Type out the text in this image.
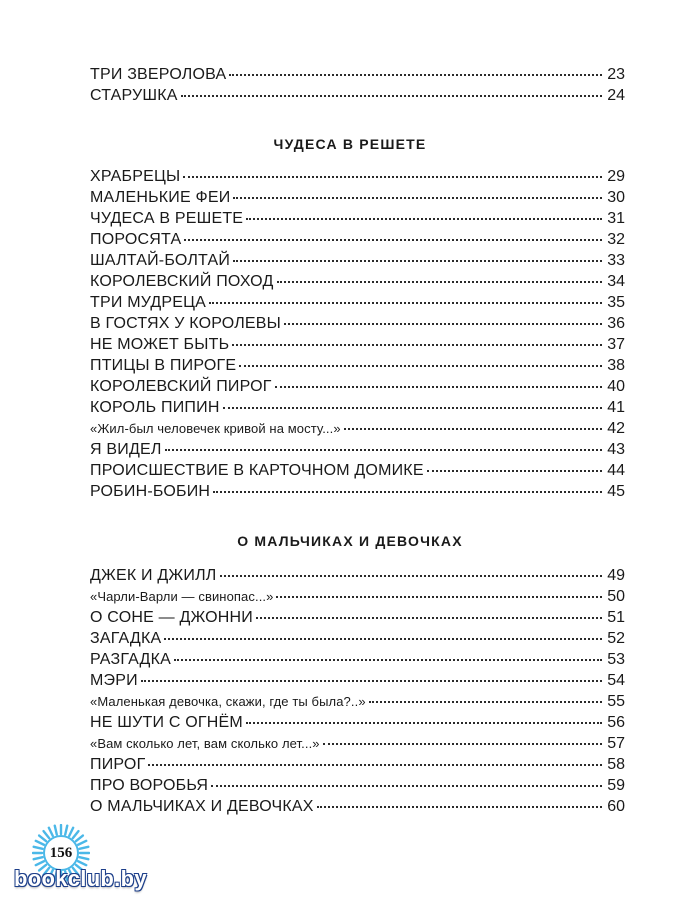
ТРИ ЗВЕРОЛОВА	23
СТАРУШКА	24
ЧУДЕСА В РЕШЕТЕ
ХРАБРЕЦЫ	29
МАЛЕНЬКИЕ ФЕИ	30
ЧУДЕСА В РЕШЕТЕ	31
ПОРОСЯТА	32
ШАЛТАЙ-БОЛТАЙ	33
КОРОЛЕВСКИЙ ПОХОД	34
ТРИ МУДРЕЦА	35
В ГОСТЯХ У КОРОЛЕВЫ	36
НЕ МОЖЕТ БЫТЬ	37
ПТИЦЫ В ПИРОГЕ	38
КОРОЛЕВСКИЙ ПИРОГ	40
КОРОЛЬ ПИПИН	41
«Жил-был человечек кривой на мосту...»	42
Я ВИДЕЛ	43
ПРОИСШЕСТВИЕ В КАРТОЧНОМ ДОМИКЕ	44
РОБИН-БОБИН	45
О МАЛЬЧИКАХ И ДЕВОЧКАХ
ДЖЕК И ДЖИЛЛ	49
«Чарли-Варли — свинопас...»	50
О СОНЕ — ДЖОННИ	51
ЗАГАДКА	52
РАЗГАДКА	53
МЭРИ	54
«Маленькая девочка, скажи, где ты была?..»	55
НЕ ШУТИ С ОГНЁМ	56
«Вам сколько лет, вам сколько лет...»	57
ПИРОГ	58
ПРО ВОРОБЬЯ	59
О МАЛЬЧИКАХ И ДЕВОЧКАХ	60
156
bookclub.by
